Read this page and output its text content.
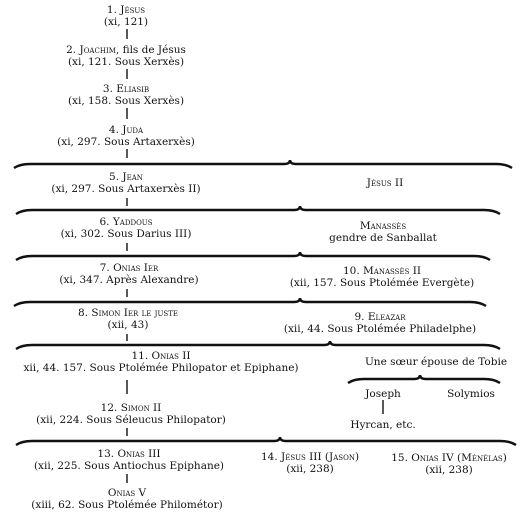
1. Jésus
(xi, 121)
2. Joachim, fils de Jésus
(xi, 121. Sous Xerxès)
3. Eliasib
(xi, 158. Sous Xerxès)
4. Juda
(xi, 297. Sous Artaxerxès)
5. Jean
(xi, 297. Sous Artaxerxès II)	Jésus II
6. Yaddous
(xi, 302. Sous Darius III)
Manassès
gendre de Sanballat
7. Onias Ier
(xi, 347. Après Alexandre)
10. Manassès II
(xii, 157. Sous Ptolémée Evergète)
8. Simon Ier le juste
(xii, 43)
9. Eleazar
(xii, 44. Sous Ptolémée Philadelphe)
11. Onias II
xii, 44. 157. Sous Ptolémée Philopator et Epiphane)	Une sœur épouse de Tobie
Joseph	Solymios
Hyrcan, etc.
12. Simon II
(xii, 224. Sous Séleucus Philopator)
13. Onias III
(xii, 225. Sous Antiochus Epiphane)
14. Jésus III (Jason)
(xii, 238)
15. Onias IV (Ménélas)
(xii, 238)
Onias V
(xiii, 62. Sous Ptolémée Philométor)
